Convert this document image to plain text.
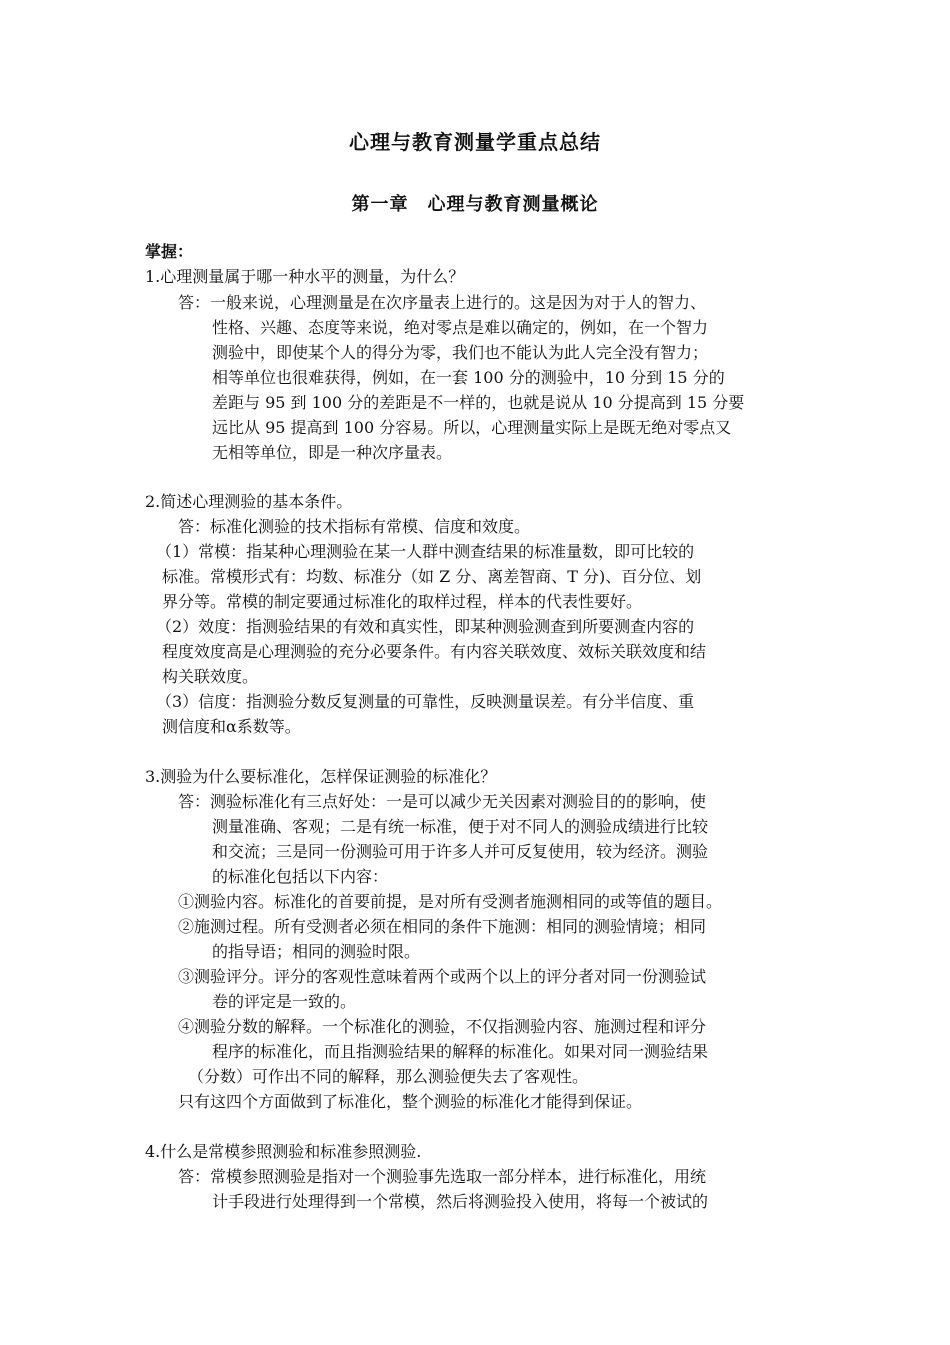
心理与教育测量学重点总结
第一章　心理与教育测量概论
掌握：
1.心理测量属于哪一种水平的测量，为什么？
答：一般来说，心理测量是在次序量表上进行的。这是因为对于人的智力、
性格、兴趣、态度等来说，绝对零点是难以确定的，例如，在一个智力
测验中，即使某个人的得分为零，我们也不能认为此人完全没有智力；
相等单位也很难获得，例如，在一套 100 分的测验中，10 分到 15 分的
差距与 95 到 100 分的差距是不一样的，也就是说从 10 分提高到 15 分要
远比从 95 提高到 100 分容易。所以，心理测量实际上是既无绝对零点又
无相等单位，即是一种次序量表。
2.简述心理测验的基本条件。
答：标准化测验的技术指标有常模、信度和效度。
（1）常模：指某种心理测验在某一人群中测查结果的标准量数，即可比较的
标准。常模形式有：均数、标准分（如 Z 分、离差智商、T 分)、百分位、划
界分等。常模的制定要通过标准化的取样过程，样本的代表性要好。
（2）效度：指测验结果的有效和真实性，即某种测验测查到所要测查内容的
程度效度高是心理测验的充分必要条件。有内容关联效度、效标关联效度和结
构关联效度。
（3）信度：指测验分数反复测量的可靠性，反映测量误差。有分半信度、重
测信度和α系数等。
3.测验为什么要标准化，怎样保证测验的标准化？
答：测验标准化有三点好处：一是可以减少无关因素对测验目的的影响，使
测量准确、客观；二是有统一标准，便于对不同人的测验成绩进行比较
和交流；三是同一份测验可用于许多人并可反复使用，较为经济。测验
的标准化包括以下内容：
①测验内容。标准化的首要前提，是对所有受测者施测相同的或等值的题目。
②施测过程。所有受测者必须在相同的条件下施测：相同的测验情境；相同
的指导语；相同的测验时限。
③测验评分。评分的客观性意味着两个或两个以上的评分者对同一份测验试
卷的评定是一致的。
④测验分数的解释。一个标准化的测验，不仅指测验内容、施测过程和评分
程序的标准化，而且指测验结果的解释的标准化。如果对同一测验结果
（分数）可作出不同的解释，那么测验便失去了客观性。
只有这四个方面做到了标准化，整个测验的标准化才能得到保证。
4.什么是常模参照测验和标准参照测验.
答：常模参照测验是指对一个测验事先选取一部分样本，进行标准化，用统
计手段进行处理得到一个常模，然后将测验投入使用，将每一个被试的
